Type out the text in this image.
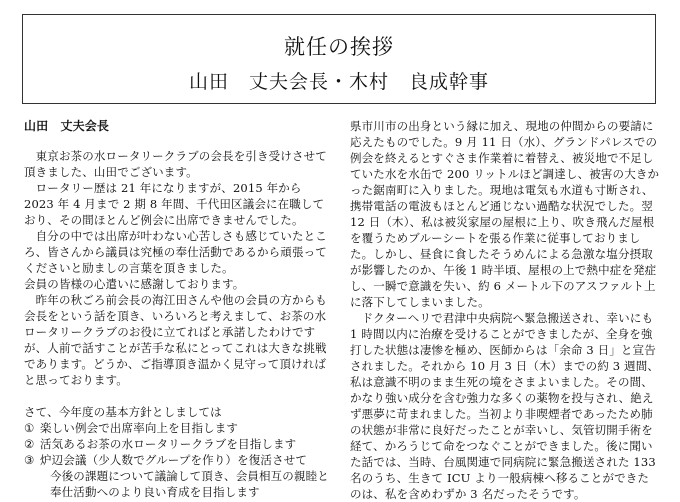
就任の挨拶
山田　丈夫会長・木村　良成幹事

山田　丈夫会長

　東京お茶の水ロータリークラブの会長を引き受けさせて頂きました、山田でございます。

　ロータリー歴は 21 年になりますが、2015 年から 2023 年 4 月まで 2 期 8 年間、千代田区議会に在職しており、その間ほとんど例会に出席できませんでした。

　自分の中では出席が叶わない心苦しさも感じていたところ、皆さんから議員は究極の奉仕活動であるから頑張ってくださいと励ましの言葉を頂きました。

会員の皆様の心遣いに感謝しております。

　昨年の秋ごろ前会長の海江田さんや他の会員の方からも会長をという話を頂き、いろいろと考えまして、お茶の水ロータリークラブのお役に立てればと承諾したわけですが、人前で話すことが苦手な私にとってこれは大きな挑戦であります。どうか、ご指導頂き温かく見守って頂ければと思っております。

さて、今年度の基本方針としましては

① 楽しい例会で出席率向上を目指します
② 活気あるお茶の水ロータリークラブを目指します
③ 炉辺会議（少人数でグループを作り）を復活させて

今後の課題について議論して頂き、会員相互の親睦と奉仕活動へのより良い育成を目指します

県市川市の出身という縁に加え、現地の仲間からの要請に応えたものでした。9 月 11 日（水）、グランドパレスでの例会を終えるとすぐさま作業着に着替え、被災地で不足していた水を水缶で 200 リットルほど調達し、被害の大きかった鋸南町に入りました。現地は電気も水道も寸断され、携帯電話の電波もほとんど通じない過酷な状況でした。翌 12 日（木）、私は被災家屋の屋根に上り、吹き飛んだ屋根を覆うためブルーシートを張る作業に従事しておりました。しかし、昼食に食したそうめんによる急激な塩分摂取が影響したのか、午後 1 時半頃、屋根の上で熱中症を発症し、一瞬で意識を失い、約 6 メートル下のアスファルト上に落下してしまいました。

　ドクターヘリで君津中央病院へ緊急搬送され、幸いにも 1 時間以内に治療を受けることができましたが、全身を強打した状態は凄惨を極め、医師からは「余命 3 日」と宣告されました。それから 10 月 3 日（木）までの約 3 週間、私は意識不明のまま生死の境をさまよいました。その間、かなり強い成分を含む強力な多くの薬物を投与され、絶えず悪夢に苛まれました。当初より非喫煙者であったため肺の状態が非常に良好だったことが幸いし、気管切開手術を経て、かろうじて命をつなぐことができました。後に聞いた話では、当時、台風関連で同病院に緊急搬送された 133 名のうち、生きて ICU より一般病棟へ移ることができたのは、私を含めわずか 3 名だったそうです。
